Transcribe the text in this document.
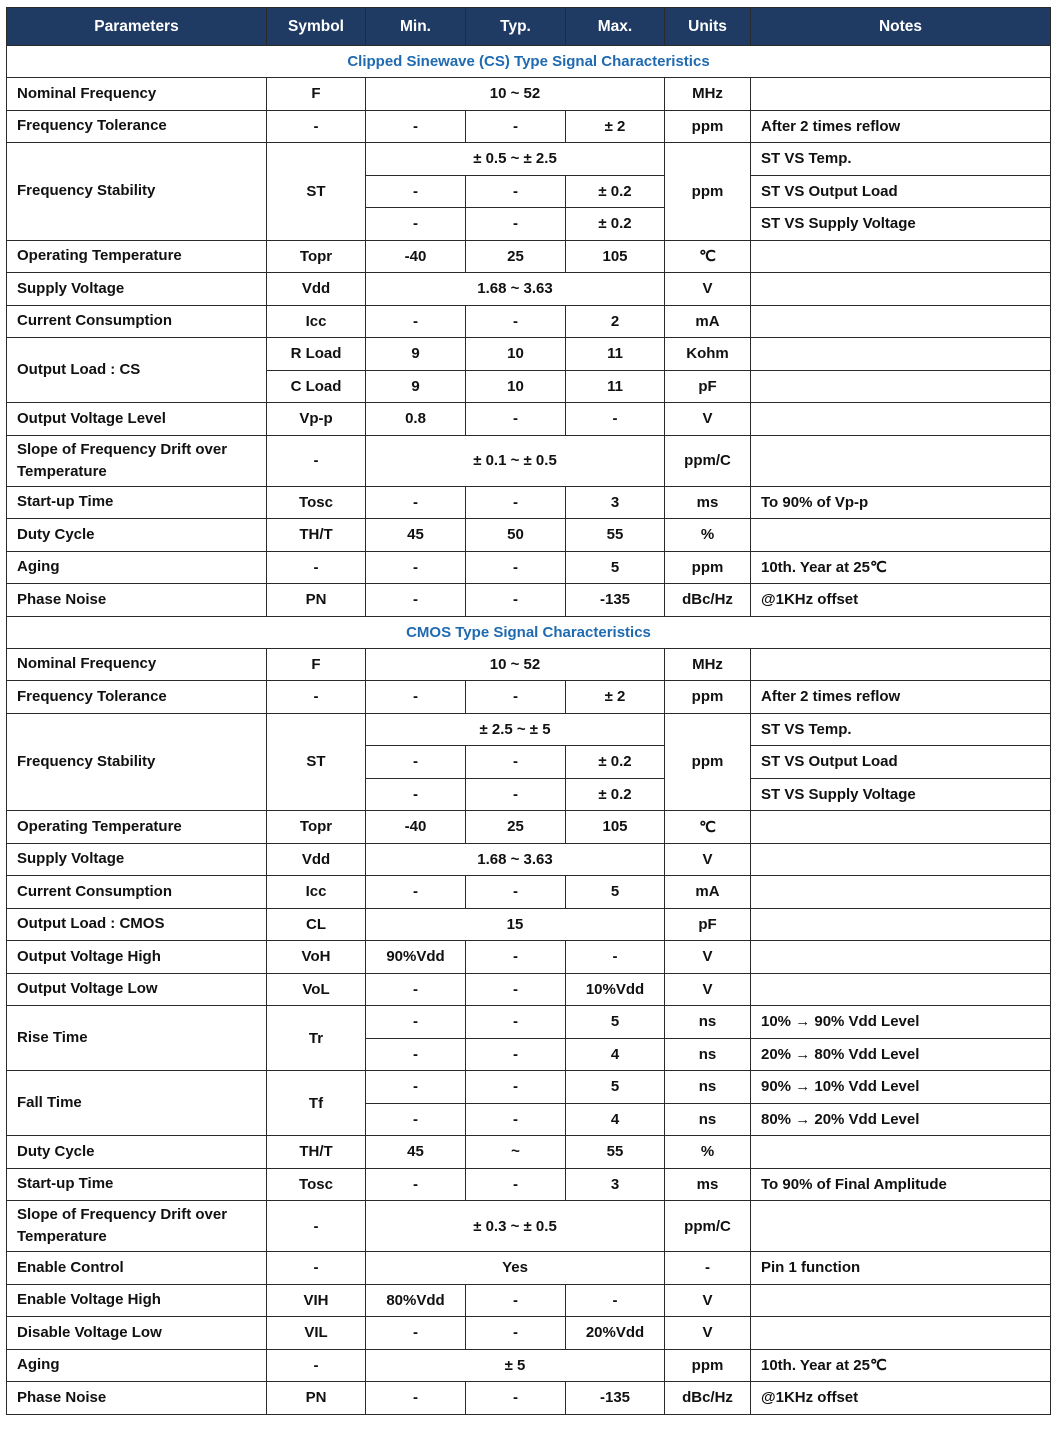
Parameters	Symbol	Min.	Typ.	Max.	Units	Notes
Clipped Sinewave (CS) Type Signal Characteristics						
Nominal Frequency	F	10 ~ 52			MHz	
Frequency Tolerance	-	-	-	± 2	ppm	After 2 times reflow
Frequency Stability	ST	± 0.5 ~ ± 2.5			ppm	ST VS Temp.
		-	-	± 0.2		ST VS Output Load
		-	-	± 0.2		ST VS Supply Voltage
Operating Temperature	Topr	-40	25	105	℃	
Supply Voltage	Vdd	1.68 ~ 3.63			V	
Current Consumption	Icc	-	-	2	mA	
Output Load : CS	R Load	9	10	11	Kohm	
	C Load	9	10	11	pF	
Output Voltage Level	Vp-p	0.8	-	-	V	
Slope of Frequency Drift over
Temperature	-	± 0.1 ~ ± 0.5			ppm/C	
Start-up Time	Tosc	-	-	3	ms	To 90% of Vp-p
Duty Cycle	TH/T	45	50	55	%	
Aging	-	-	-	5	ppm	10th. Year at 25℃
Phase Noise	PN	-	-	-135	dBc/Hz	@1KHz offset
CMOS Type Signal Characteristics						
Nominal Frequency	F	10 ~ 52			MHz	
Frequency Tolerance	-	-	-	± 2	ppm	After 2 times reflow
Frequency Stability	ST	± 2.5 ~ ± 5			ppm	ST VS Temp.
		-	-	± 0.2		ST VS Output Load
		-	-	± 0.2		ST VS Supply Voltage
Operating Temperature	Topr	-40	25	105	℃	
Supply Voltage	Vdd	1.68 ~ 3.63			V	
Current Consumption	Icc	-	-	5	mA	
Output Load : CMOS	CL	15			pF	
Output Voltage High	VoH	90%Vdd	-	-	V	
Output Voltage Low	VoL	-	-	10%Vdd	V	
Rise Time	Tr	-	-	5	ns	10% → 90% Vdd Level
		-	-	4	ns	20% → 80% Vdd Level
Fall Time	Tf	-	-	5	ns	90% → 10% Vdd Level
		-	-	4	ns	80% → 20% Vdd Level
Duty Cycle	TH/T	45	~	55	%	
Start-up Time	Tosc	-	-	3	ms	To 90% of Final Amplitude
Slope of Frequency Drift over
Temperature	-	± 0.3 ~ ± 0.5			ppm/C	
Enable Control	-	Yes			-	Pin 1 function
Enable Voltage High	VIH	80%Vdd	-	-	V	
Disable Voltage Low	VIL	-	-	20%Vdd	V	
Aging	-	± 5			ppm	10th. Year at 25℃
Phase Noise	PN	-	-	-135	dBc/Hz	@1KHz offset
